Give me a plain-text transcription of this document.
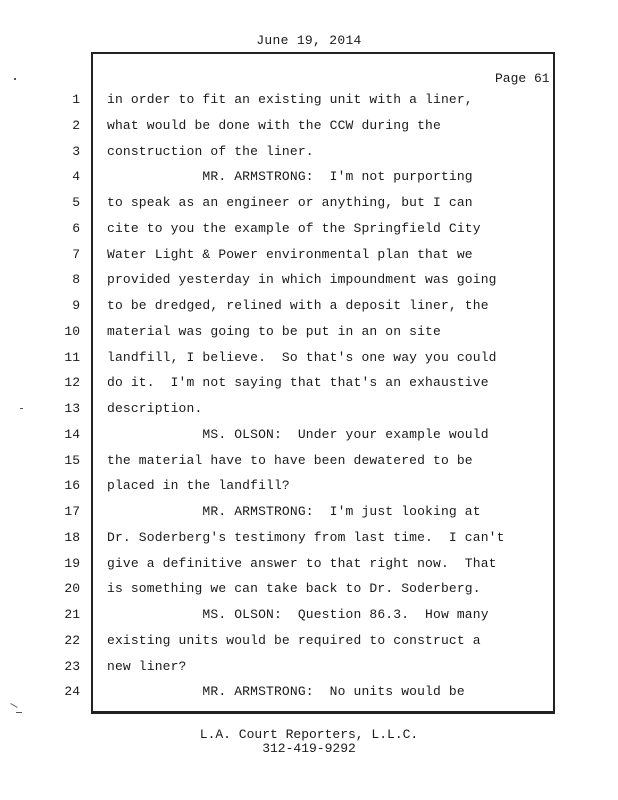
June 19, 2014
Page 61
1 in order to fit an existing unit with a liner,
2 what would be done with the CCW during the
3 construction of the liner.
4 MR. ARMSTRONG:  I'm not purporting
5 to speak as an engineer or anything, but I can
6 cite to you the example of the Springfield City
7 Water Light & Power environmental plan that we
8 provided yesterday in which impoundment was going
9 to be dredged, relined with a deposit liner, the
10 material was going to be put in an on site
11 landfill, I believe.  So that's one way you could
12 do it.  I'm not saying that that's an exhaustive
13 description.
14 MS. OLSON:  Under your example would
15 the material have to have been dewatered to be
16 placed in the landfill?
17 MR. ARMSTRONG:  I'm just looking at
18 Dr. Soderberg's testimony from last time.  I can't
19 give a definitive answer to that right now.  That
20 is something we can take back to Dr. Soderberg.
21 MS. OLSON:  Question 86.3.  How many
22 existing units would be required to construct a
23 new liner?
24 MR. ARMSTRONG:  No units would be
L.A. Court Reporters, L.L.C.
312-419-9292
